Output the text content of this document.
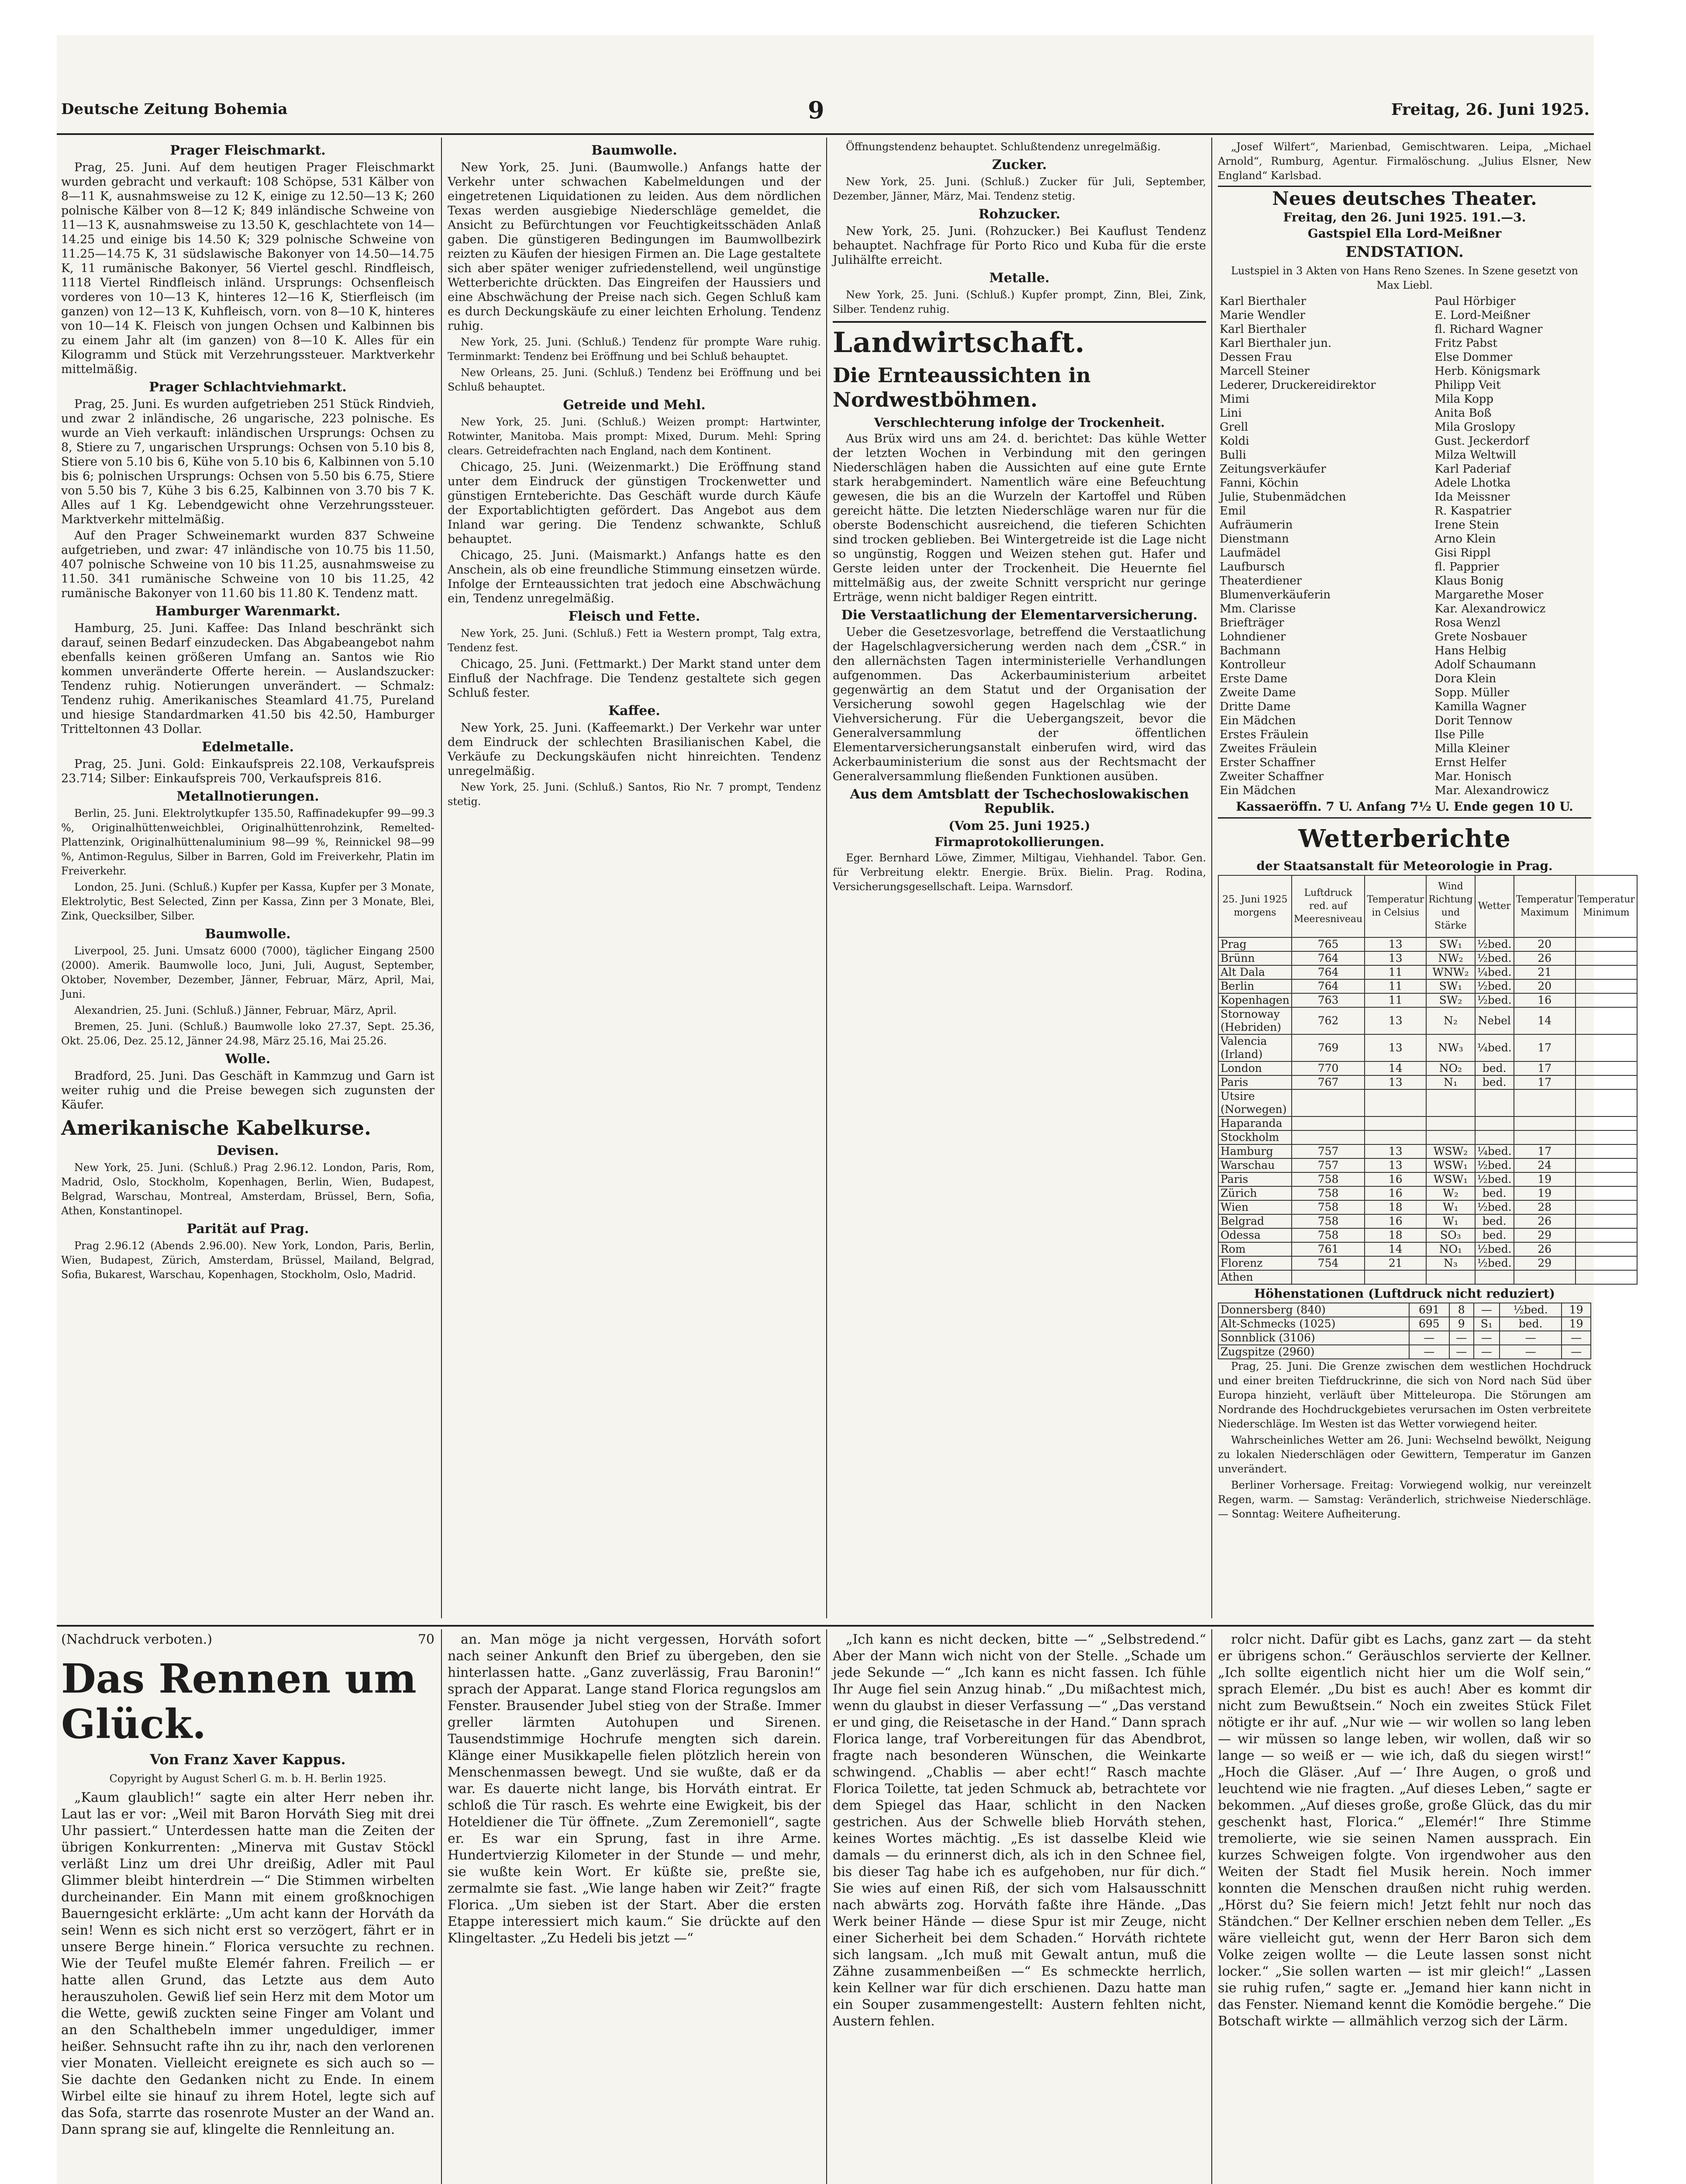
Deutsche Zeitung Bohemia	9	Freitag, 26. Juni 1925.
Prager Fleischmarkt.

Prag, 25. Juni. Auf dem heutigen Prager Fleischmarkt wurden gebracht und verkauft: 108 Schöpse, 531 Kälber von 8—11 K, ausnahmsweise zu 12 K, einige zu 12.50—13 K; 260 polnische Kälber von 8—12 K; 849 inländische Schweine von 11—13 K, ausnahmsweise zu 13.50 K, geschlachtete von 14—14.25 und einige bis 14.50 K; 329 polnische Schweine von 11.25—14.75 K, 31 südslawische Bakonyer von 14.50—14.75 K, 11 rumänische Bakonyer, 56 Viertel geschl. Rindfleisch, 1118 Viertel Rindfleisch inländ. Ursprungs: Ochsenfleisch vorderes von 10—13 K, hinteres 12—16 K, Stierfleisch (im ganzen) von 12—13 K, Kuhfleisch, vorn. von 8—10 K, hinteres von 10—14 K. Fleisch von jungen Ochsen und Kalbinnen bis zu einem Jahr alt (im ganzen) von 8—10 K. Alles für ein Kilogramm und Stück mit Verzehrungssteuer. Marktverkehr mittelmäßig.

Prager Schlachtviehmarkt.

Prag, 25. Juni. Es wurden aufgetrieben 251 Stück Rindvieh, und zwar 2 inländische, 26 ungarische, 223 polnische. Es wurde an Vieh verkauft: inländischen Ursprungs: Ochsen zu 8, Stiere zu 7, ungarischen Ursprungs: Ochsen von 5.10 bis 8, Stiere von 5.10 bis 6, Kühe von 5.10 bis 6, Kalbinnen von 5.10 bis 6; polnischen Ursprungs: Ochsen von 5.50 bis 6.75, Stiere von 5.50 bis 7, Kühe 3 bis 6.25, Kalbinnen von 3.70 bis 7 K. Alles auf 1 Kg. Lebendgewicht ohne Verzehrungssteuer. Marktverkehr mittelmäßig.

Auf den Prager Schweinemarkt wurden 837 Schweine aufgetrieben, und zwar: 47 inländische von 10.75 bis 11.50, 407 polnische Schweine von 10 bis 11.25, ausnahmsweise zu 11.50. 341 rumänische Schweine von 10 bis 11.25, 42 rumänische Bakonyer von 11.60 bis 11.80 K. Tendenz matt.

Hamburger Warenmarkt.

Hamburg, 25. Juni. Kaffee: Das Inland beschränkt sich darauf, seinen Bedarf einzudecken. Das Abgabeangebot nahm ebenfalls keinen größeren Umfang an. Santos wie Rio kommen unveränderte Offerte herein. — Auslandszucker: Tendenz ruhig. Notierungen unverändert. — Schmalz: Tendenz ruhig. Amerikanisches Steamlard 41.75, Pureland und hiesige Standardmarken 41.50 bis 42.50, Hamburger Tritteltonnen 43 Dollar.

Edelmetalle.

Prag, 25. Juni. Gold: Einkaufspreis 22.108, Verkaufspreis 23.714; Silber: Einkaufspreis 700, Verkaufspreis 816.

Metallnotierungen.

Berlin, 25. Juni. Elektrolytkupfer 135.50, Raffinadekupfer 99—99.3 %, Originalhüttenweichblei, Originalhüttenrohzink, Remelted-Plattenzink, Originalhüttenaluminium 98—99 %, Reinnickel 98—99 %, Antimon-Regulus, Silber in Barren, Gold im Freiverkehr, Platin im Freiverkehr.

London, 25. Juni. (Schluß.) Kupfer per Kassa, Kupfer per 3 Monate, Elektrolytic, Best Selected, Zinn per Kassa, Zinn per 3 Monate, Blei, Zink, Quecksilber, Silber.

Baumwolle.

Liverpool, 25. Juni. Umsatz 6000 (7000), täglicher Eingang 2500 (2000). Amerik. Baumwolle loco, Juni, Juli, August, September, Oktober, November, Dezember, Jänner, Februar, März, April, Mai, Juni.

Alexandrien, 25. Juni. (Schluß.) Jänner, Februar, März, April.

Bremen, 25. Juni. (Schluß.) Baumwolle loko 27.37, Sept. 25.36, Okt. 25.06, Dez. 25.12, Jänner 24.98, März 25.16, Mai 25.26.

Wolle.

Bradford, 25. Juni. Das Geschäft in Kammzug und Garn ist weiter ruhig und die Preise bewegen sich zugunsten der Käufer.

Amerikanische Kabelkurse.
Devisen.

New York, 25. Juni. (Schluß.) Prag 2.96.12. London, Paris, Rom, Madrid, Oslo, Stockholm, Kopenhagen, Berlin, Wien, Budapest, Belgrad, Warschau, Montreal, Amsterdam, Brüssel, Bern, Sofia, Athen, Konstantinopel.

Parität auf Prag.

Prag 2.96.12 (Abends 2.96.00). New York, London, Paris, Berlin, Wien, Budapest, Zürich, Amsterdam, Brüssel, Mailand, Belgrad, Sofia, Bukarest, Warschau, Kopenhagen, Stockholm, Oslo, Madrid.

Baumwolle.

New York, 25. Juni. (Baumwolle.) Anfangs hatte der Verkehr unter schwachen Kabelmeldungen und der eingetretenen Liquidationen zu leiden. Aus dem nördlichen Texas werden ausgiebige Niederschläge gemeldet, die Ansicht zu Befürchtungen vor Feuchtigkeitsschäden Anlaß gaben. Die günstigeren Bedingungen im Baumwollbezirk reizten zu Käufen der hiesigen Firmen an. Die Lage gestaltete sich aber später weniger zufriedenstellend, weil ungünstige Wetterberichte drückten. Das Eingreifen der Haussiers und eine Abschwächung der Preise nach sich. Gegen Schluß kam es durch Deckungskäufe zu einer leichten Erholung. Tendenz ruhig.

New York, 25. Juni. (Schluß.) Tendenz für prompte Ware ruhig. Terminmarkt: Tendenz bei Eröffnung und bei Schluß behauptet.

New Orleans, 25. Juni. (Schluß.) Tendenz bei Eröffnung und bei Schluß behauptet.

Getreide und Mehl.

New York, 25. Juni. (Schluß.) Weizen prompt: Hartwinter, Rotwinter, Manitoba. Mais prompt: Mixed, Durum. Mehl: Spring clears. Getreidefrachten nach England, nach dem Kontinent.

Chicago, 25. Juni. (Weizenmarkt.) Die Eröffnung stand unter dem Eindruck der günstigen Trockenwetter und günstigen Ernteberichte. Das Geschäft wurde durch Käufe der Exportablichtigten gefördert. Das Angebot aus dem Inland war gering. Die Tendenz schwankte, Schluß behauptet.

Chicago, 25. Juni. (Maismarkt.) Anfangs hatte es den Anschein, als ob eine freundliche Stimmung einsetzen würde. Infolge der Ernteaussichten trat jedoch eine Abschwächung ein, Tendenz unregelmäßig.

Fleisch und Fette.

New York, 25. Juni. (Schluß.) Fett ia Western prompt, Talg extra, Tendenz fest.

Chicago, 25. Juni. (Fettmarkt.) Der Markt stand unter dem Einfluß der Nachfrage. Die Tendenz gestaltete sich gegen Schluß fester.

Kaffee.

New York, 25. Juni. (Kaffeemarkt.) Der Verkehr war unter dem Eindruck der schlechten Brasilianischen Kabel, die Verkäufe zu Deckungskäufen nicht hinreichten. Tendenz unregelmäßig.

New York, 25. Juni. (Schluß.) Santos, Rio Nr. 7 prompt, Tendenz stetig.

Öffnungstendenz behauptet. Schlußtendenz unregelmäßig.

Zucker.

New York, 25. Juni. (Schluß.) Zucker für Juli, September, Dezember, Jänner, März, Mai. Tendenz stetig.

Rohzucker.

New York, 25. Juni. (Rohzucker.) Bei Kauflust Tendenz behauptet. Nachfrage für Porto Rico und Kuba für die erste Julihälfte erreicht.

Metalle.

New York, 25. Juni. (Schluß.) Kupfer prompt, Zinn, Blei, Zink, Silber. Tendenz ruhig.

Landwirtschaft.
Die Ernteaussichten in Nordwestböhmen.
Verschlechterung infolge der Trockenheit.

Aus Brüx wird uns am 24. d. berichtet: Das kühle Wetter der letzten Wochen in Verbindung mit den geringen Niederschlägen haben die Aussichten auf eine gute Ernte stark herabgemindert. Namentlich wäre eine Befeuchtung gewesen, die bis an die Wurzeln der Kartoffel und Rüben gereicht hätte. Die letzten Niederschläge waren nur für die oberste Bodenschicht ausreichend, die tieferen Schichten sind trocken geblieben. Bei Wintergetreide ist die Lage nicht so ungünstig, Roggen und Weizen stehen gut. Hafer und Gerste leiden unter der Trockenheit. Die Heuernte fiel mittelmäßig aus, der zweite Schnitt verspricht nur geringe Erträge, wenn nicht baldiger Regen eintritt.

Die Verstaatlichung der Elementarversicherung.

Ueber die Gesetzesvorlage, betreffend die Verstaatlichung der Hagelschlagversicherung werden nach dem „ČSR.“ in den allernächsten Tagen interministerielle Verhandlungen aufgenommen. Das Ackerbauministerium arbeitet gegenwärtig an dem Statut und der Organisation der Versicherung sowohl gegen Hagelschlag wie der Viehversicherung. Für die Uebergangszeit, bevor die Generalversammlung der öffentlichen Elementarversicherungsanstalt einberufen wird, wird das Ackerbauministerium die sonst aus der Rechtsmacht der Generalversammlung fließenden Funktionen ausüben.

Aus dem Amtsblatt der Tschechoslowakischen Republik.
(Vom 25. Juni 1925.)
Firmaprotokollierungen.

Eger. Bernhard Löwe, Zimmer, Miltigau, Viehhandel. Tabor. Gen. für Verbreitung elektr. Energie. Brüx. Bielin. Prag. Rodina, Versicherungsgesellschaft. Leipa. Warnsdorf.

„Josef Wilfert“, Marienbad, Gemischtwaren. Leipa, „Michael Arnold“, Rumburg, Agentur. Firmalöschung. „Julius Elsner, New England“ Karlsbad.

Neues deutsches Theater.
Freitag, den 26. Juni 1925. 191.—3.
Gastspiel Ella Lord-Meißner
ENDSTATION.
Lustspiel in 3 Akten von Hans Reno Szenes. In Szene gesetzt von Max Liebl.
Karl Bierthaler	Paul Hörbiger
Marie Wendler	E. Lord-Meißner
Karl Bierthaler	fl. Richard Wagner
Karl Bierthaler jun.	Fritz Pabst
Dessen Frau	Else Dommer
Marcell Steiner	Herb. Königsmark
Lederer, Druckereidirektor	Philipp Veit
Mimi	Mila Kopp
Lini	Anita Boß
Grell	Mila Groslopy
Koldi	Gust. Jeckerdorf
Bulli	Milza Weltwill
Zeitungsverkäufer	Karl Paderiaf
Fanni, Köchin	Adele Lhotka
Julie, Stubenmädchen	Ida Meissner
Emil	R. Kaspatrier
Aufräumerin	Irene Stein
Dienstmann	Arno Klein
Laufmädel	Gisi Rippl
Laufbursch	fl. Papprier
Theaterdiener	Klaus Bonig
Blumenverkäuferin	Margarethe Moser
Mm. Clarisse	Kar. Alexandrowicz
Briefträger	Rosa Wenzl
Lohndiener	Grete Nosbauer
Bachmann	Hans Helbig
Kontrolleur	Adolf Schaumann
Erste Dame	Dora Klein
Zweite Dame	Sopp. Müller
Dritte Dame	Kamilla Wagner
Ein Mädchen	Dorit Tennow
Erstes Fräulein	Ilse Pille
Zweites Fräulein	Milla Kleiner
Erster Schaffner	Ernst Helfer
Zweiter Schaffner	Mar. Honisch
Ein Mädchen	Mar. Alexandrowicz
Kassaeröffn. 7 U. Anfang 7½ U. Ende gegen 10 U.
Wetterberichte
der Staatsanstalt für Meteorologie in Prag.
25. Juni 1925 morgens	Luftdruck red. auf Meeresniveau	Temperatur in Celsius	Wind Richtung und Stärke	Wetter	Temperatur Maximum	Temperatur Minimum
Prag	765	13	SW₁	½bed.	20	
Brünn	764	13	NW₂	½bed.	26	
Alt Dala	764	11	WNW₂	¼bed.	21	
Berlin	764	11	SW₁	½bed.	20	
Kopenhagen	763	11	SW₂	½bed.	16	
Stornoway (Hebriden)	762	13	N₂	Nebel	14	
Valencia (Irland)	769	13	NW₃	¼bed.	17	
London	770	14	NO₂	bed.	17	
Paris	767	13	N₁	bed.	17	
Utsire (Norwegen)						
Haparanda						
Stockholm						
Hamburg	757	13	WSW₂	¼bed.	17	
Warschau	757	13	WSW₁	½bed.	24	
Paris	758	16	WSW₁	½bed.	19	
Zürich	758	16	W₂	bed.	19	
Wien	758	18	W₁	½bed.	28	
Belgrad	758	16	W₁	bed.	26	
Odessa	758	18	SO₃	bed.	29	
Rom	761	14	NO₁	½bed.	26	
Florenz	754	21	N₃	½bed.	29	
Athen						
Höhenstationen (Luftdruck nicht reduziert)
Donnersberg (840)	691	8	—	½bed.	19
Alt-Schmecks (1025)	695	9	S₁	bed.	19
Sonnblick (3106)	—	—	—	—	—
Zugspitze (2960)	—	—	—	—	—

Prag, 25. Juni. Die Grenze zwischen dem westlichen Hochdruck und einer breiten Tiefdruckrinne, die sich von Nord nach Süd über Europa hinzieht, verläuft über Mitteleuropa. Die Störungen am Nordrande des Hochdruckgebietes verursachen im Osten verbreitete Niederschläge. Im Westen ist das Wetter vorwiegend heiter.

Wahrscheinliches Wetter am 26. Juni: Wechselnd bewölkt, Neigung zu lokalen Niederschlägen oder Gewittern, Temperatur im Ganzen unverändert.

Berliner Vorhersage. Freitag: Vorwiegend wolkig, nur vereinzelt Regen, warm. — Samstag: Veränderlich, strichweise Niederschläge. — Sonntag: Weitere Aufheiterung.

(Nachdruck verboten.)	70
Das Rennen um Glück.
Von Franz Xaver Kappus.
Copyright by August Scherl G. m. b. H. Berlin 1925.

„Kaum glaublich!“ sagte ein alter Herr neben ihr. Laut las er vor: „Weil mit Baron Horváth Sieg mit drei Uhr passiert.“ Unterdessen hatte man die Zeiten der übrigen Konkurrenten: „Minerva mit Gustav Stöckl verläßt Linz um drei Uhr dreißig, Adler mit Paul Glimmer bleibt hinterdrein —“ Die Stimmen wirbelten durcheinander. Ein Mann mit einem großknochigen Bauerngesicht erklärte: „Um acht kann der Horváth da sein! Wenn es sich nicht erst so verzögert, fährt er in unsere Berge hinein.“ Florica versuchte zu rechnen. Wie der Teufel mußte Elemér fahren. Freilich — er hatte allen Grund, das Letzte aus dem Auto herauszuholen. Gewiß lief sein Herz mit dem Motor um die Wette, gewiß zuckten seine Finger am Volant und an den Schalthebeln immer ungeduldiger, immer heißer. Sehnsucht rafte ihn zu ihr, nach den verlorenen vier Monaten. Vielleicht ereignete es sich auch so — Sie dachte den Gedanken nicht zu Ende. In einem Wirbel eilte sie hinauf zu ihrem Hotel, legte sich auf das Sofa, starrte das rosenrote Muster an der Wand an. Dann sprang sie auf, klingelte die Rennleitung an.

an. Man möge ja nicht vergessen, Horváth sofort nach seiner Ankunft den Brief zu übergeben, den sie hinterlassen hatte. „Ganz zuverlässig, Frau Baronin!“ sprach der Apparat. Lange stand Florica regungslos am Fenster. Brausender Jubel stieg von der Straße. Immer greller lärmten Autohupen und Sirenen. Tausendstimmige Hochrufe mengten sich darein. Klänge einer Musikkapelle fielen plötzlich herein von Menschenmassen bewegt. Und sie wußte, daß er da war. Es dauerte nicht lange, bis Horváth eintrat. Er schloß die Tür rasch. Es wehrte eine Ewigkeit, bis der Hoteldiener die Tür öffnete. „Zum Zeremoniell“, sagte er. Es war ein Sprung, fast in ihre Arme. Hundertvierzig Kilometer in der Stunde — und mehr, sie wußte kein Wort. Er küßte sie, preßte sie, zermalmte sie fast. „Wie lange haben wir Zeit?“ fragte Florica. „Um sieben ist der Start. Aber die ersten Etappe interessiert mich kaum.“ Sie drückte auf den Klingeltaster. „Zu Hedeli bis jetzt —“

„Ich kann es nicht decken, bitte —“ „Selbstredend.“ Aber der Mann wich nicht von der Stelle. „Schade um jede Sekunde —“ „Ich kann es nicht fassen. Ich fühle Ihr Auge fiel sein Anzug hinab.“ „Du mißachtest mich, wenn du glaubst in dieser Verfassung —“ „Das verstand er und ging, die Reisetasche in der Hand.“ Dann sprach Florica lange, traf Vorbereitungen für das Abendbrot, fragte nach besonderen Wünschen, die Weinkarte schwingend. „Chablis — aber echt!“ Rasch machte Florica Toilette, tat jeden Schmuck ab, betrachtete vor dem Spiegel das Haar, schlicht in den Nacken gestrichen. Aus der Schwelle blieb Horváth stehen, keines Wortes mächtig. „Es ist dasselbe Kleid wie damals — du erinnerst dich, als ich in den Schnee fiel, bis dieser Tag habe ich es aufgehoben, nur für dich.“ Sie wies auf einen Riß, der sich vom Halsausschnitt nach abwärts zog. Horváth faßte ihre Hände. „Das Werk beiner Hände — diese Spur ist mir Zeuge, nicht einer Sicherheit bei dem Schaden.“ Horváth richtete sich langsam. „Ich muß mit Gewalt antun, muß die Zähne zusammenbeißen —“ Es schmeckte herrlich, kein Kellner war für dich erschienen. Dazu hatte man ein Souper zusammengestellt: Austern fehlten nicht, Austern fehlen.

rolcr nicht. Dafür gibt es Lachs, ganz zart — da steht er übrigens schon.“ Geräuschlos servierte der Kellner. „Ich sollte eigentlich nicht hier um die Wolf sein,“ sprach Elemér. „Du bist es auch! Aber es kommt dir nicht zum Bewußtsein.“ Noch ein zweites Stück Filet nötigte er ihr auf. „Nur wie — wir wollen so lang leben — wir müssen so lange leben, wir wollen, daß wir so lange — so weiß er — wie ich, daß du siegen wirst!“ „Hoch die Gläser. ‚Auf —‘ Ihre Augen, o groß und leuchtend wie nie fragten. „Auf dieses Leben,“ sagte er bekommen. „Auf dieses große, große Glück, das du mir geschenkt hast, Florica.“ „Elemér!“ Ihre Stimme tremolierte, wie sie seinen Namen aussprach. Ein kurzes Schweigen folgte. Von irgendwoher aus den Weiten der Stadt fiel Musik herein. Noch immer konnten die Menschen draußen nicht ruhig werden. „Hörst du? Sie feiern mich! Jetzt fehlt nur noch das Ständchen.“ Der Kellner erschien neben dem Teller. „Es wäre vielleicht gut, wenn der Herr Baron sich dem Volke zeigen wollte — die Leute lassen sonst nicht locker.“ „Sie sollen warten — ist mir gleich!“ „Lassen sie ruhig rufen,“ sagte er. „Jemand hier kann nicht in das Fenster. Niemand kennt die Komödie bergehe.“ Die Botschaft wirkte — allmählich verzog sich der Lärm.
